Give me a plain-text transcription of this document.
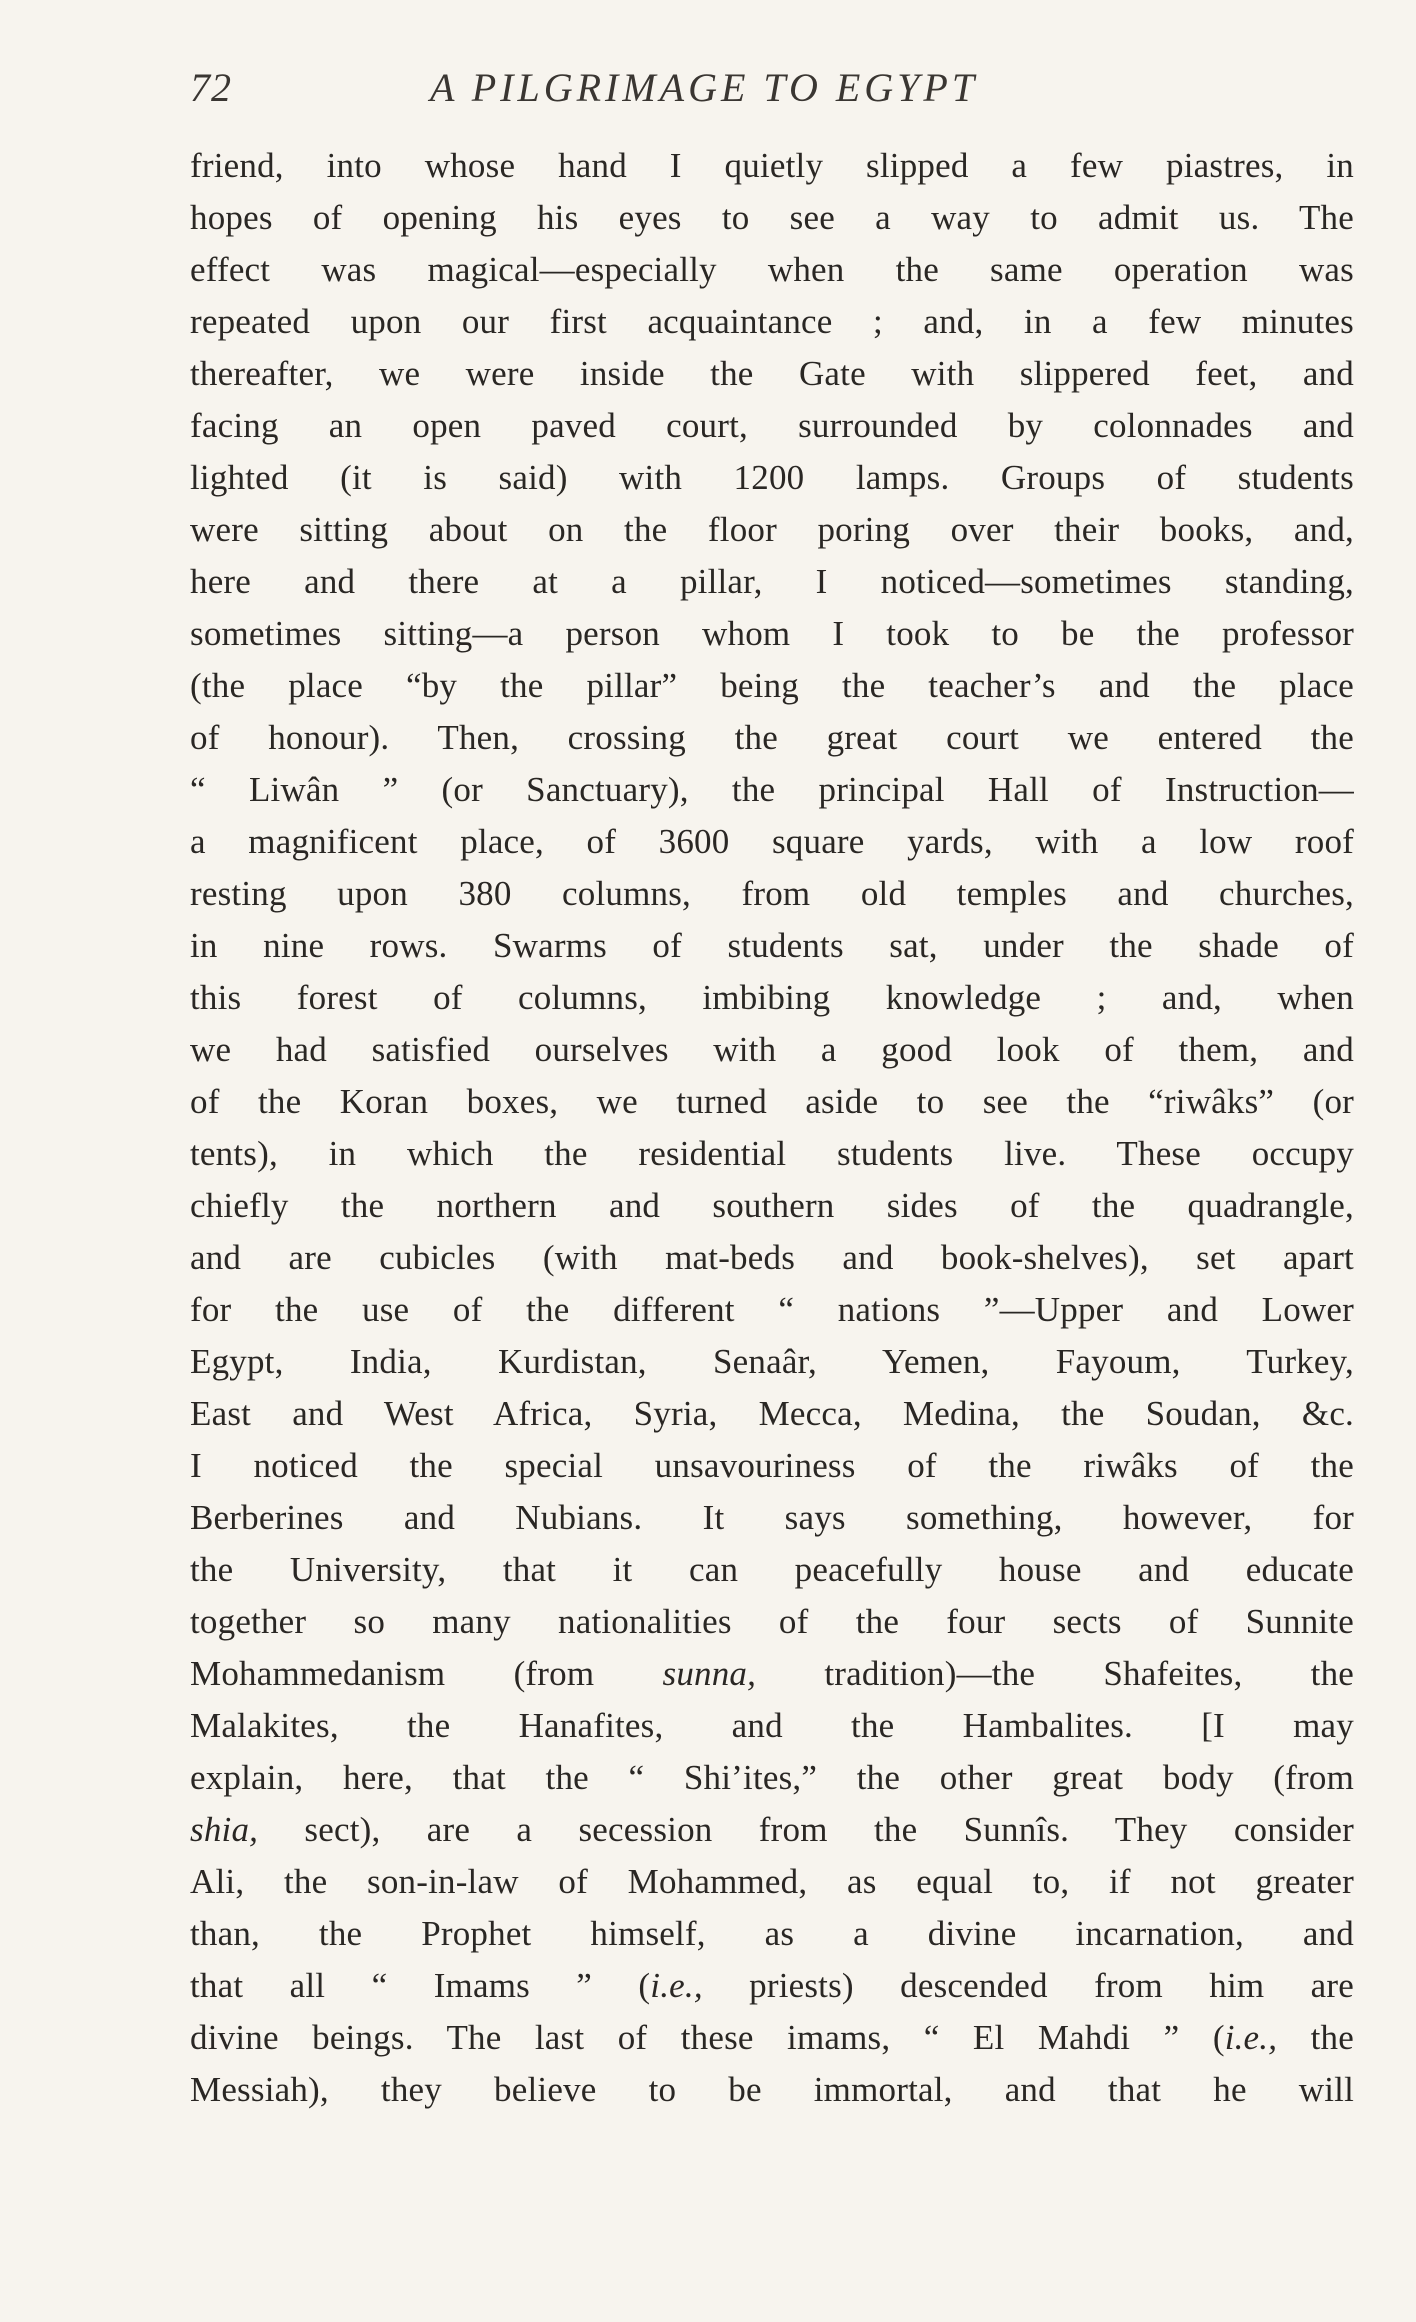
72	A PILGRIMAGE TO EGYPT
friend, into whose hand I quietly slipped a few piastres, in
hopes of opening his eyes to see a way to admit us. The
effect was magical—especially when the same operation was
repeated upon our first acquaintance ; and, in a few minutes
thereafter, we were inside the Gate with slippered feet, and
facing an open paved court, surrounded by colonnades and
lighted (it is said) with 1200 lamps. Groups of students
were sitting about on the floor poring over their books, and,
here and there at a pillar, I noticed—sometimes standing,
sometimes sitting—a person whom I took to be the professor
(the place “by the pillar” being the teacher’s and the place
of honour). Then, crossing the great court we entered the
“ Liwân ” (or Sanctuary), the principal Hall of Instruction—
a magnificent place, of 3600 square yards, with a low roof
resting upon 380 columns, from old temples and churches,
in nine rows. Swarms of students sat, under the shade of
this forest of columns, imbibing knowledge ; and, when
we had satisfied ourselves with a good look of them, and
of the Koran boxes, we turned aside to see the “riwâks” (or
tents), in which the residential students live. These occupy
chiefly the northern and southern sides of the quadrangle,
and are cubicles (with mat-beds and book-shelves), set apart
for the use of the different “ nations ”—Upper and Lower
Egypt, India, Kurdistan, Senaâr, Yemen, Fayoum, Turkey,
East and West Africa, Syria, Mecca, Medina, the Soudan, &c.
I noticed the special unsavouriness of the riwâks of the
Berberines and Nubians. It says something, however, for
the University, that it can peacefully house and educate
together so many nationalities of the four sects of Sunnite
Mohammedanism (from sunna, tradition)—the Shafeites, the
Malakites, the Hanafites, and the Hambalites. [I may
explain, here, that the “ Shi’ites,” the other great body (from
shia, sect), are a secession from the Sunnîs. They consider
Ali, the son-in-law of Mohammed, as equal to, if not greater
than, the Prophet himself, as a divine incarnation, and
that all “ Imams ” (i.e., priests) descended from him are
divine beings. The last of these imams, “ El Mahdi ” (i.e., the
Messiah), they believe to be immortal, and that he will
